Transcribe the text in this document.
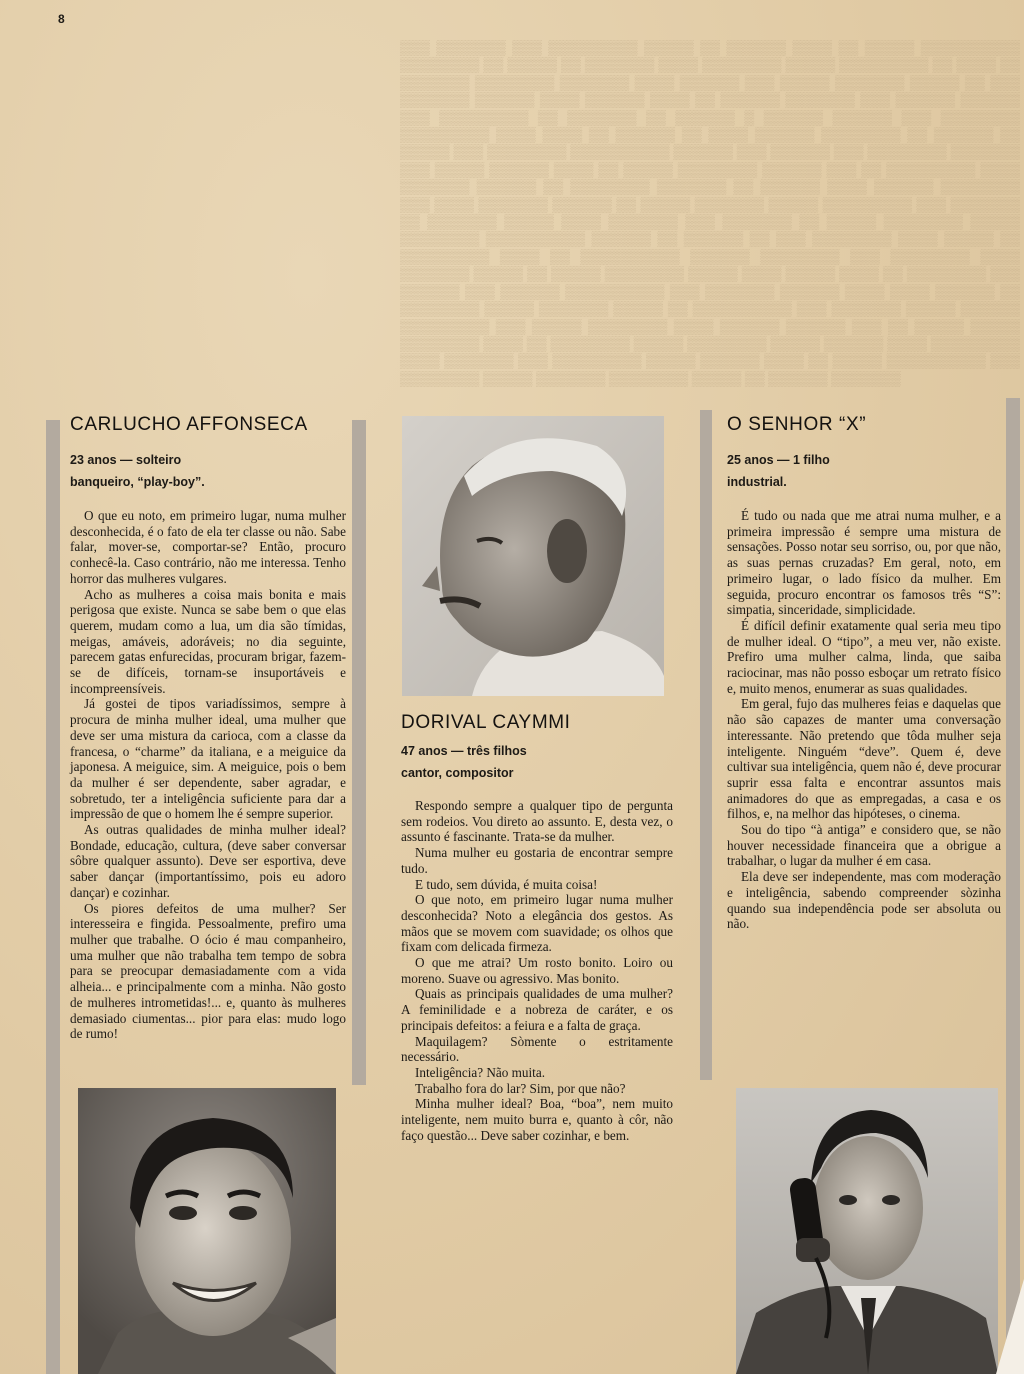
8
▒▒▒ ▒▒▒▒▒▒▒ ▒▒▒ ▒▒▒▒▒▒▒▒▒ ▒▒▒▒▒ ▒▒ ▒▒▒▒▒▒ ▒▒▒▒ ▒▒ ▒▒▒▒▒ ▒▒▒▒▒▒▒▒▒▒ ▒▒▒▒▒▒▒▒ ▒▒ ▒▒▒▒▒ ▒▒ ▒▒▒▒▒▒▒ ▒▒▒▒ ▒▒▒▒▒▒▒▒ ▒▒▒▒▒ ▒▒▒▒▒▒▒▒▒ ▒▒ ▒▒▒▒ ▒▒ ▒▒▒▒▒▒▒ ▒▒▒▒▒▒▒▒ ▒▒▒▒▒▒▒ ▒▒▒▒ ▒▒▒▒▒▒ ▒▒▒ ▒▒▒▒▒ ▒▒▒▒▒▒▒ ▒▒▒▒▒ ▒▒ ▒▒▒ ▒▒▒▒▒▒▒ ▒▒▒▒▒▒ ▒▒▒▒ ▒▒▒▒▒▒ ▒▒▒▒ ▒▒ ▒▒▒▒▒▒ ▒▒▒▒▒▒▒ ▒▒▒ ▒▒▒▒▒▒ ▒▒▒▒▒▒ ▒▒▒ ▒▒▒▒▒▒▒▒▒ ▒▒ ▒▒▒▒▒▒▒ ▒▒ ▒▒▒▒▒▒ ▒ ▒▒▒▒▒▒ ▒▒▒▒▒▒ ▒▒▒ ▒▒▒▒▒▒▒▒ ▒▒▒▒▒▒▒▒▒ ▒▒▒▒ ▒▒▒▒ ▒▒ ▒▒▒▒▒▒ ▒▒ ▒▒▒▒ ▒▒▒▒▒▒ ▒▒▒▒▒▒▒▒ ▒▒ ▒▒▒▒▒▒ ▒▒ ▒▒▒▒▒ ▒▒▒ ▒▒▒▒▒▒▒▒ ▒▒▒▒▒▒▒▒▒▒ ▒▒▒▒▒▒ ▒▒▒ ▒▒▒▒▒▒ ▒▒▒ ▒▒▒▒▒▒▒▒ ▒▒▒▒▒▒▒ ▒▒▒ ▒▒▒▒▒ ▒▒▒▒▒▒ ▒▒▒▒ ▒▒ ▒▒▒▒▒ ▒▒▒▒▒▒▒▒ ▒▒▒▒▒▒ ▒▒▒ ▒▒ ▒▒▒▒▒▒▒▒▒ ▒▒▒▒ ▒▒▒▒▒▒▒ ▒▒▒▒▒▒ ▒▒ ▒▒▒▒▒▒▒▒ ▒▒▒▒▒▒▒ ▒▒ ▒▒▒▒▒▒ ▒▒▒▒ ▒▒▒▒▒▒ ▒▒▒▒▒▒▒▒ ▒▒▒ ▒▒▒▒ ▒▒▒▒▒▒▒ ▒▒▒▒▒▒ ▒▒ ▒▒▒▒▒ ▒▒▒▒▒▒▒ ▒▒▒▒▒ ▒▒▒▒▒▒▒▒▒ ▒▒▒ ▒▒▒▒▒▒▒ ▒▒ ▒▒▒▒▒▒▒ ▒▒▒▒▒ ▒▒▒▒ ▒▒▒▒▒▒▒ ▒▒▒ ▒▒▒▒▒▒▒ ▒▒ ▒▒▒▒▒ ▒▒▒▒▒▒▒▒ ▒▒▒▒▒ ▒▒▒▒▒▒▒▒ ▒▒▒▒▒▒▒▒▒▒ ▒▒▒▒▒▒ ▒▒ ▒▒▒▒▒▒ ▒▒ ▒▒▒ ▒▒▒▒▒▒▒▒ ▒▒▒▒ ▒▒▒▒▒ ▒▒ ▒▒▒▒▒▒▒▒▒ ▒▒▒▒ ▒▒ ▒▒▒▒▒▒▒▒▒▒ ▒▒▒▒▒▒ ▒▒▒▒▒▒▒▒ ▒▒▒ ▒▒▒▒▒▒▒▒ ▒▒▒▒ ▒▒▒▒▒▒▒ ▒▒▒▒▒ ▒▒ ▒▒▒▒▒ ▒▒▒▒▒▒▒▒ ▒▒▒▒▒ ▒▒▒▒ ▒▒▒▒▒ ▒▒▒▒ ▒▒ ▒▒▒▒▒▒▒▒ ▒▒▒ ▒▒▒▒▒▒ ▒▒▒ ▒▒▒▒▒▒ ▒▒▒▒▒▒▒▒▒▒ ▒▒▒ ▒▒▒▒▒▒▒ ▒▒▒▒▒▒ ▒▒▒▒ ▒▒▒▒ ▒▒▒▒▒▒ ▒▒ ▒▒▒▒▒▒▒▒ ▒▒▒▒▒ ▒▒▒▒▒▒▒ ▒▒▒▒▒ ▒▒ ▒▒▒▒▒▒▒▒▒▒ ▒▒▒ ▒▒▒▒▒▒▒ ▒▒▒▒▒ ▒▒▒▒▒▒ ▒▒▒▒▒▒▒▒▒ ▒▒▒ ▒▒▒▒▒ ▒▒▒▒▒▒▒▒ ▒▒▒▒ ▒▒▒▒▒▒ ▒▒▒▒▒▒ ▒▒▒ ▒▒ ▒▒▒▒▒ ▒▒▒▒▒ ▒▒▒▒▒▒▒▒ ▒▒▒▒ ▒▒ ▒▒▒▒▒▒▒▒ ▒▒▒▒▒ ▒▒▒▒▒▒▒▒ ▒▒▒▒▒ ▒▒▒▒▒▒ ▒▒▒▒ ▒▒▒▒▒▒▒▒▒ ▒▒▒▒ ▒▒▒▒▒▒▒ ▒▒▒ ▒▒▒▒▒▒▒▒▒ ▒▒▒▒▒ ▒▒▒▒▒▒ ▒▒▒▒ ▒▒ ▒▒▒▒▒ ▒▒▒▒▒▒▒▒▒▒ ▒▒▒ ▒▒▒▒▒▒▒▒ ▒▒▒▒▒ ▒▒▒▒▒▒▒ ▒▒▒▒▒▒▒▒ ▒▒▒▒▒ ▒▒ ▒▒▒▒▒▒ ▒▒▒▒▒▒▒
CARLUCHO AFFONSECA

23 anos — solteiro

banqueiro, “play-boy”.

O que eu noto, em primeiro lugar, numa mulher desconhecida, é o fato de ela ter classe ou não. Sabe falar, mover-se, comportar-se? Então, procuro conhecê-la. Caso contrário, não me interessa. Tenho horror das mulheres vulgares.

Acho as mulheres a coisa mais bonita e mais perigosa que existe. Nunca se sabe bem o que elas querem, mudam como a lua, um dia são tímidas, meigas, amáveis, adoráveis; no dia seguinte, parecem gatas enfurecidas, procuram brigar, fazem-se de difíceis, tornam-se insuportáveis e incompreensíveis.

Já gostei de tipos variadíssimos, sempre à procura de minha mulher ideal, uma mulher que deve ser uma mistura da carioca, com a classe da francesa, o “charme” da italiana, e a meiguice da japonesa. A meiguice, sim. A meiguice, pois o bem da mulher é ser dependente, saber agradar, e sobretudo, ter a inteligência suficiente para dar a impressão de que o homem lhe é sempre superior.

As outras qualidades de minha mulher ideal? Bondade, educação, cultura, (deve saber conversar sôbre qualquer assunto). Deve ser esportiva, deve saber dançar (importantíssimo, pois eu adoro dançar) e cozinhar.

Os piores defeitos de uma mulher? Ser interesseira e fingida. Pessoalmente, prefiro uma mulher que trabalhe. O ócio é mau companheiro, uma mulher que não trabalha tem tempo de sobra para se preocupar demasiadamente com a vida alheia... e principalmente com a minha. Não gosto de mulheres intrometidas!... e, quanto às mulheres demasiado ciumentas... pior para elas: mudo logo de rumo!

DORIVAL CAYMMI

47 anos — três filhos

cantor, compositor

Respondo sempre a qualquer tipo de pergunta sem rodeios. Vou direto ao assunto. E, desta vez, o assunto é fascinante. Trata-se da mulher.

Numa mulher eu gostaria de encontrar sempre tudo.

E tudo, sem dúvida, é muita coisa!

O que noto, em primeiro lugar numa mulher desconhecida? Noto a elegância dos gestos. As mãos que se movem com suavidade; os olhos que fixam com delicada firmeza.

O que me atrai? Um rosto bonito. Loiro ou moreno. Suave ou agressivo. Mas bonito.

Quais as principais qualidades de uma mulher? A feminilidade e a nobreza de caráter, e os principais defeitos: a feiura e a falta de graça.

Maquilagem? Sòmente o estritamente necessário.

Inteligência? Não muita.

Trabalho fora do lar? Sim, por que não?

Minha mulher ideal? Boa, “boa”, nem muito inteligente, nem muito burra e, quanto à côr, não faço questão... Deve saber cozinhar, e bem.

O SENHOR “X”

25 anos — 1 filho

industrial.

É tudo ou nada que me atrai numa mulher, e a primeira impressão é sempre uma mistura de sensações. Posso notar seu sorriso, ou, por que não, as suas pernas cruzadas? Em geral, noto, em primeiro lugar, o lado físico da mulher. Em seguida, procuro encontrar os famosos três “S”: simpatia, sinceridade, simplicidade.

É difícil definir exatamente qual seria meu tipo de mulher ideal. O “tipo”, a meu ver, não existe. Prefiro uma mulher calma, linda, que saiba raciocinar, mas não posso esboçar um retrato físico e, muito menos, enumerar as suas qualidades.

Em geral, fujo das mulheres feias e daquelas que não são capazes de manter uma conversação interessante. Não pretendo que tôda mulher seja inteligente. Ninguém “deve”. Quem é, deve cultivar sua inteligência, quem não é, deve procurar suprir essa falta e encontrar assuntos mais animadores do que as empregadas, a casa e os filhos, e, na melhor das hipóteses, o cinema.

Sou do tipo “à antiga” e considero que, se não houver necessidade financeira que a obrigue a trabalhar, o lugar da mulher é em casa.

Ela deve ser independente, mas com moderação e inteligência, sabendo compreender sòzinha quando sua independência pode ser absoluta ou não.
